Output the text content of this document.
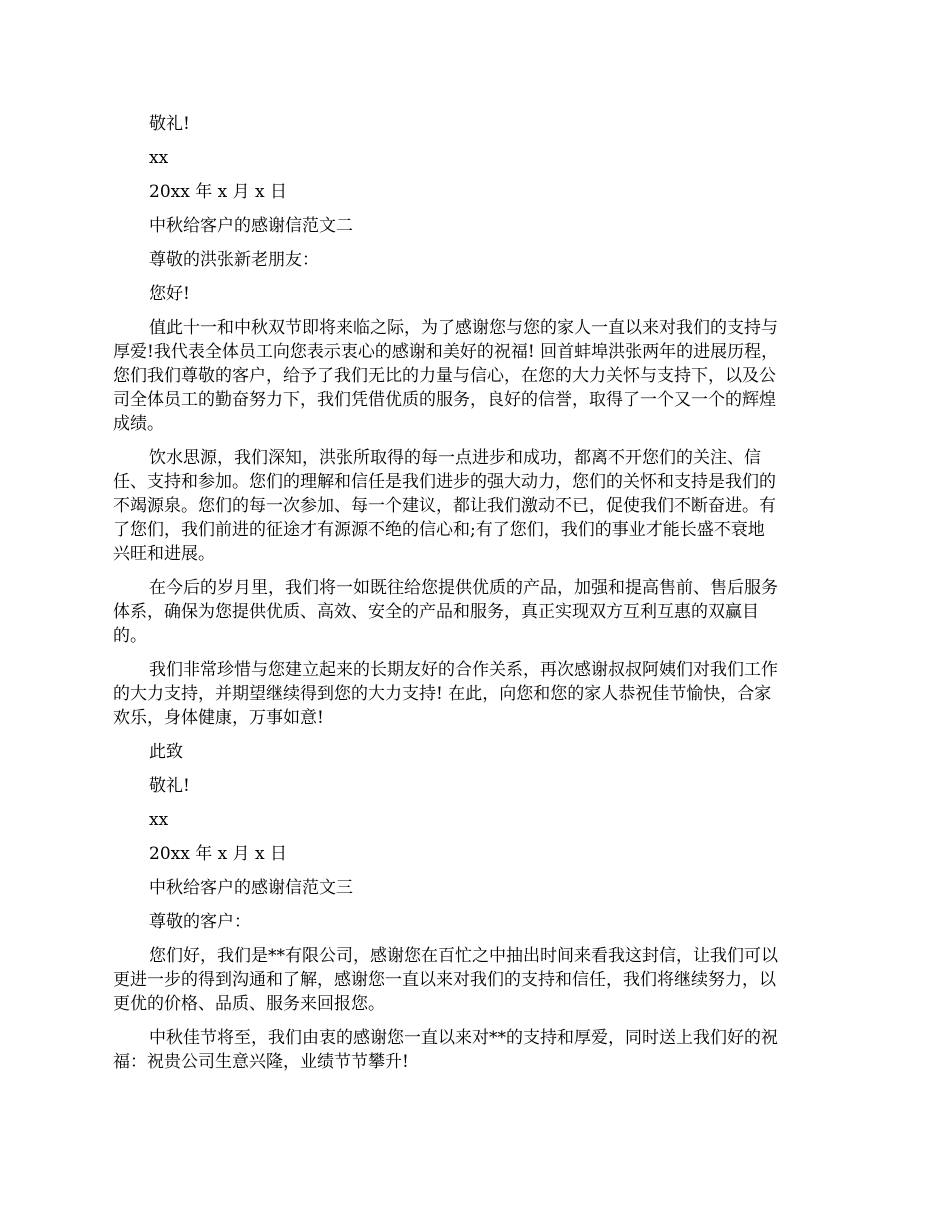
敬礼!

xx

20xx 年 x 月 x 日

中秋给客户的感谢信范文二

尊敬的洪张新老朋友：

您好!

值此十一和中秋双节即将来临之际，为了感谢您与您的家人一直以来对我们的支持与
厚爱!我代表全体员工向您表示衷心的感谢和美好的祝福! 回首蚌埠洪张两年的进展历程，
您们我们尊敬的客户，给予了我们无比的力量与信心，在您的大力关怀与支持下，以及公
司全体员工的勤奋努力下，我们凭借优质的服务，良好的信誉，取得了一个又一个的辉煌
成绩。
饮水思源，我们深知，洪张所取得的每一点进步和成功，都离不开您们的关注、信
任、支持和参加。您们的理解和信任是我们进步的强大动力，您们的关怀和支持是我们的
不竭源泉。您们的每一次参加、每一个建议，都让我们激动不已，促使我们不断奋进。有
了您们，我们前进的征途才有源源不绝的信心和;有了您们，我们的事业才能长盛不衰地
兴旺和进展。
在今后的岁月里，我们将一如既往给您提供优质的产品，加强和提高售前、售后服务
体系，确保为您提供优质、高效、安全的产品和服务，真正实现双方互利互惠的双赢目
的。
我们非常珍惜与您建立起来的长期友好的合作关系，再次感谢叔叔阿姨们对我们工作
的大力支持，并期望继续得到您的大力支持! 在此，向您和您的家人恭祝佳节愉快，合家
欢乐，身体健康，万事如意!

此致

敬礼!

xx

20xx 年 x 月 x 日

中秋给客户的感谢信范文三

尊敬的客户：

您们好，我们是**有限公司，感谢您在百忙之中抽出时间来看我这封信，让我们可以
更进一步的得到沟通和了解，感谢您一直以来对我们的支持和信任，我们将继续努力，以
更优的价格、品质、服务来回报您。
中秋佳节将至，我们由衷的感谢您一直以来对**的支持和厚爱，同时送上我们好的祝
福：祝贵公司生意兴隆，业绩节节攀升!
